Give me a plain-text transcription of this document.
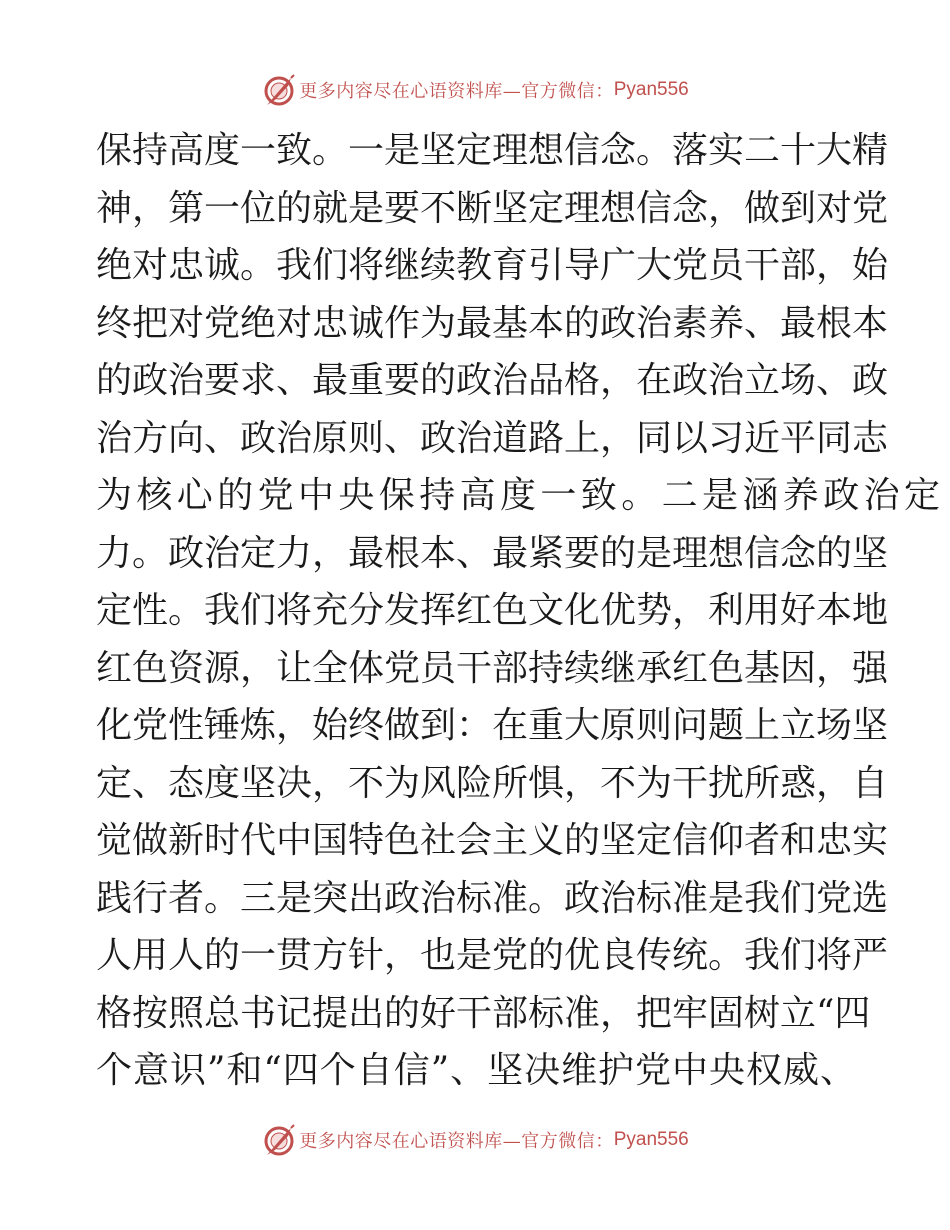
更多内容尽在心语资料库—官方微信： Pyan556
保持高度一致。一是坚定理想信念。落实二十大精
神，第一位的就是要不断坚定理想信念，做到对党
绝对忠诚。我们将继续教育引导广大党员干部，始
终把对党绝对忠诚作为最基本的政治素养、最根本
的政治要求、最重要的政治品格，在政治立场、政
治方向、政治原则、政治道路上，同以习近平同志
为核心的党中央保持高度一致。二是涵养政治定
力。政治定力，最根本、最紧要的是理想信念的坚
定性。我们将充分发挥红色文化优势，利用好本地
红色资源，让全体党员干部持续继承红色基因，强
化党性锤炼，始终做到：在重大原则问题上立场坚
定、态度坚决，不为风险所惧，不为干扰所惑，自
觉做新时代中国特色社会主义的坚定信仰者和忠实
践行者。三是突出政治标准。政治标准是我们党选
人用人的一贯方针，也是党的优良传统。我们将严
格按照总书记提出的好干部标准，把牢固树立“四
个意识”和“四个自信”、坚决维护党中央权威、
更多内容尽在心语资料库—官方微信： Pyan556
